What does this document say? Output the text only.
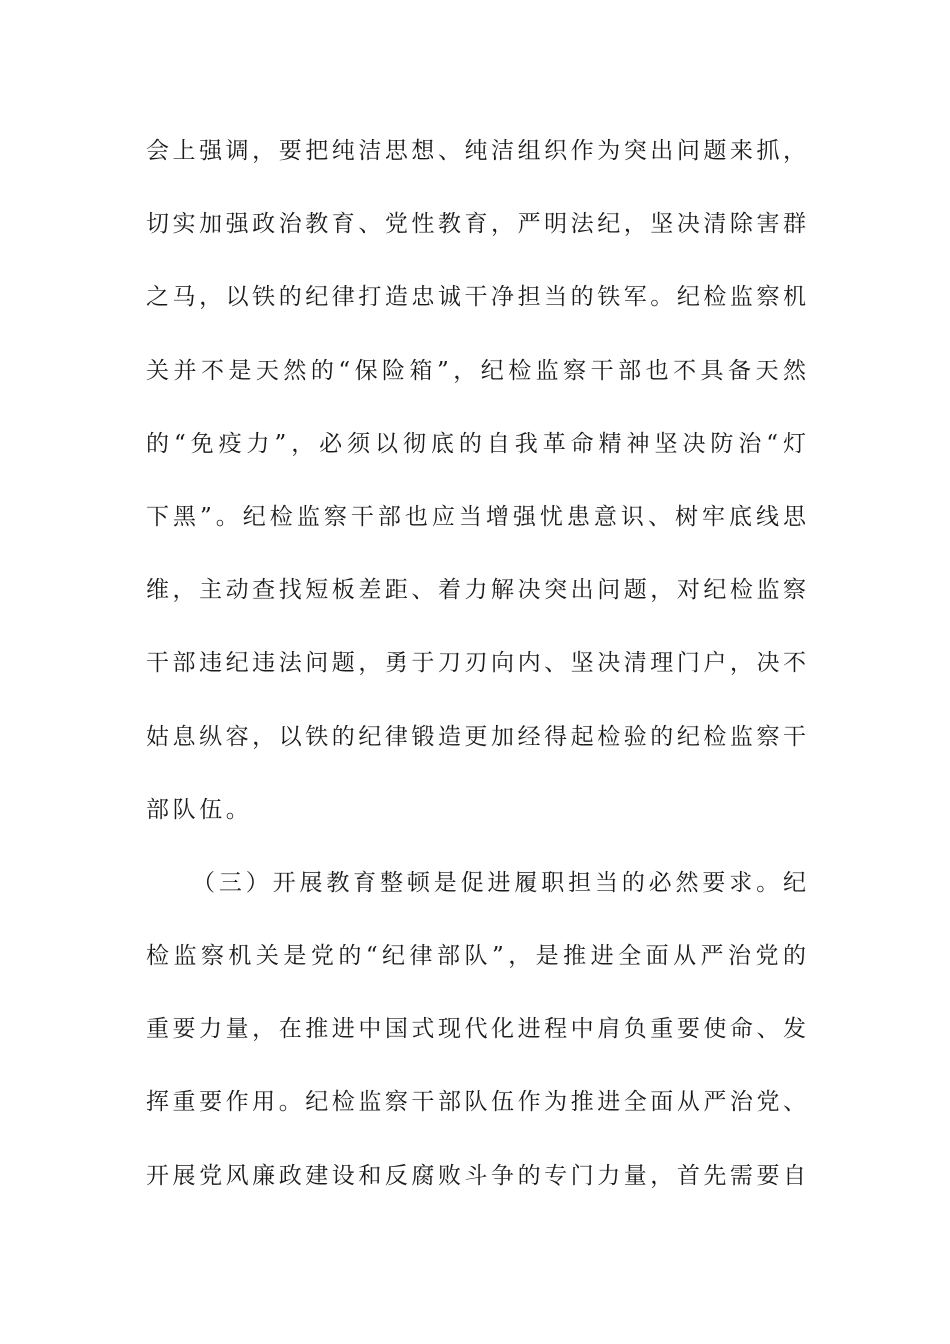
会上强调，要把纯洁思想、纯洁组织作为突出问题来抓，
切实加强政治教育、党性教育，严明法纪，坚决清除害群
之马，以铁的纪律打造忠诚干净担当的铁军。纪检监察机
关并不是天然的“保险箱”，纪检监察干部也不具备天然
的“免疫力”，必须以彻底的自我革命精神坚决防治“灯
下黑”。纪检监察干部也应当增强忧患意识、树牢底线思
维，主动查找短板差距、着力解决突出问题，对纪检监察
干部违纪违法问题，勇于刀刃向内、坚决清理门户，决不
姑息纵容，以铁的纪律锻造更加经得起检验的纪检监察干
部队伍。
（三）开展教育整顿是促进履职担当的必然要求。纪
检监察机关是党的“纪律部队”，是推进全面从严治党的
重要力量，在推进中国式现代化进程中肩负重要使命、发
挥重要作用。纪检监察干部队伍作为推进全面从严治党、
开展党风廉政建设和反腐败斗争的专门力量，首先需要自
